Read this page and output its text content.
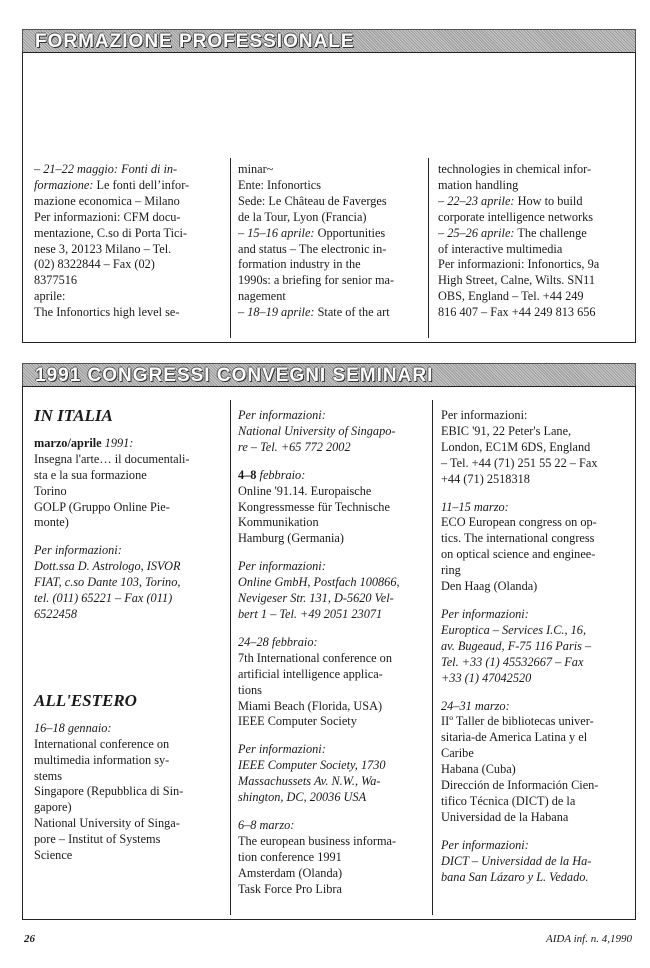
FORMAZIONE PROFESSIONALE

– 21–22 maggio: Fonti di in-

formazione: Le fonti dell’infor-

mazione economica – Milano

Per informazioni: CFM docu-

mentazione, C.so di Porta Tici-

nese 3, 20123 Milano – Tel.

(02) 8322844 – Fax (02)

8377516

aprile:

The Infonortics high level se-

minar~

Ente: Infonortics

Sede: Le Château de Faverges

de la Tour, Lyon (Francia)

– 15–16 aprile: Opportunities

and status – The electronic in-

formation industry in the

1990s: a briefing for senior ma-

nagement

– 18–19 aprile: State of the art

technologies in chemical infor-

mation handling

– 22–23 aprile: How to build

corporate intelligence networks

– 25–26 aprile: The challenge

of interactive multimedia

Per informazioni: Infonortics, 9a

High Street, Calne, Wilts. SN11

OBS, England – Tel. +44 249

816 407 – Fax +44 249 813 656

1991 CONGRESSI CONVEGNI SEMINARI

IN ITALIA

marzo/aprile 1991:

Insegna l'arte… il documentali-

sta e la sua formazione

Torino

GOLP (Gruppo Online Pie-

monte)

Per informazioni:

Dott.ssa D. Astrologo, ISVOR

FIAT, c.so Dante 103, Torino,

tel. (011) 65221 – Fax (011)

6522458

ALL'ESTERO

16–18 gennaio:

International conference on

multimedia information sy-

stems

Singapore (Repubblica di Sin-

gapore)

National University of Singa-

pore – Institut of Systems

Science

Per informazioni:

National University of Singapo-

re – Tel. +65 772 2002

4–8 febbraio:

Online '91.14. Europaische

Kongressmesse für Technische

Kommunikation

Hamburg (Germania)

Per informazioni:

Online GmbH, Postfach 100866,

Nevigeser Str. 131, D-5620 Vel-

bert 1 – Tel. +49 2051 23071

24–28 febbraio:

7th International conference on

artificial intelligence applica-

tions

Miami Beach (Florida, USA)

IEEE Computer Society

Per informazioni:

IEEE Computer Society, 1730

Massachussets Av. N.W., Wa-

shington, DC, 20036 USA

6–8 marzo:

The european business informa-

tion conference 1991

Amsterdam (Olanda)

Task Force Pro Libra

Per informazioni:

EBIC '91, 22 Peter's Lane,

London, EC1M 6DS, England

– Tel. +44 (71) 251 55 22 – Fax

+44 (71) 2518318

11–15 marzo:

ECO European congress on op-

tics. The international congress

on optical science and enginee-

ring

Den Haag (Olanda)

Per informazioni:

Europtica – Services I.C., 16,

av. Bugeaud, F-75 116 Paris –

Tel. +33 (1) 45532667 – Fax

+33 (1) 47042520

24–31 marzo:

IIº Taller de bibliotecas univer-

sitaria-de America Latina y el

Caribe

Habana (Cuba)

Dirección de Información Cien-

tifico Técnica (DICT) de la

Universidad de la Habana

Per informazioni:

DICT – Universidad de la Ha-

bana San Lázaro y L. Vedado.

26	AIDA inf. n. 4,1990
